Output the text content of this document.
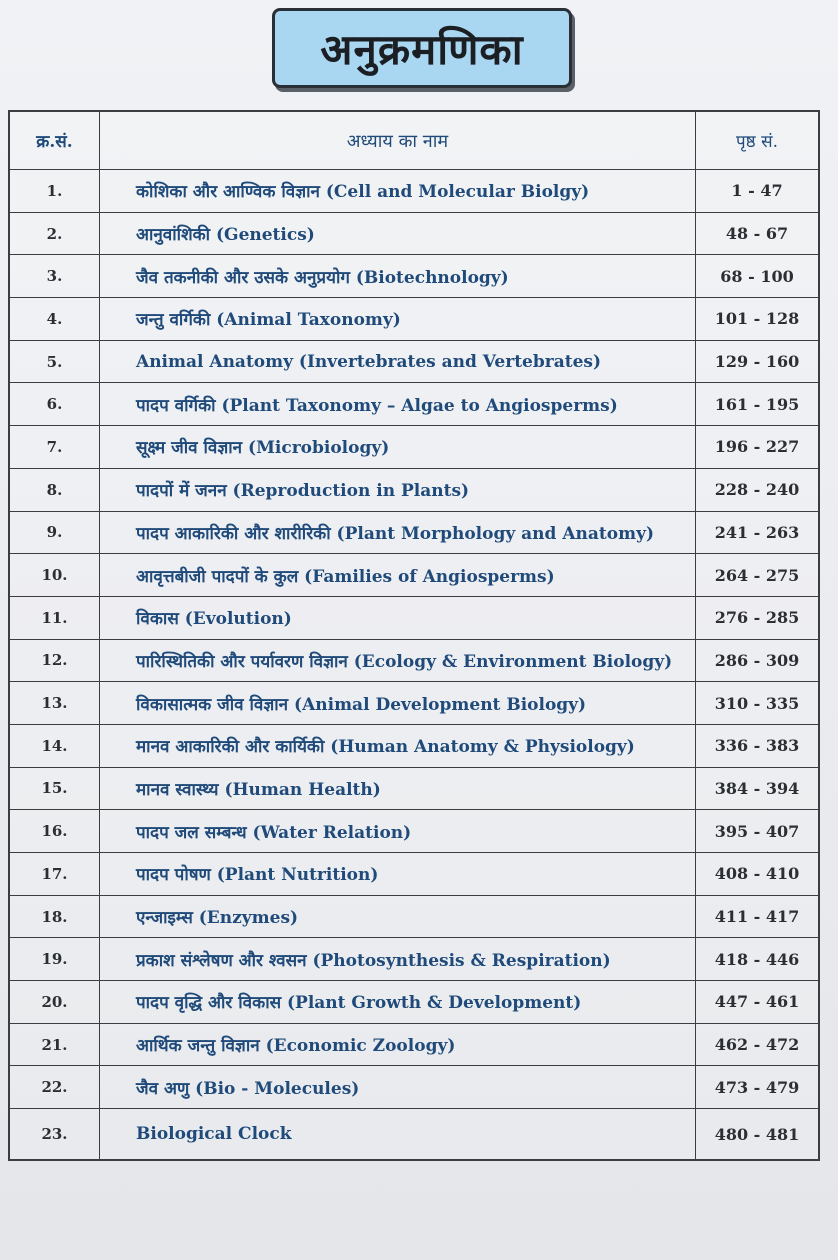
अनुक्रमणिका
क्र.सं.	अध्याय का नाम	पृष्ठ सं.
1.	कोशिका और आण्विक विज्ञान (Cell and Molecular Biolgy)	1 - 47
2.	आनुवांशिकी (Genetics)	48 - 67
3.	जैव तकनीकी और उसके अनुप्रयोग (Biotechnology)	68 - 100
4.	जन्तु वर्गिकी (Animal Taxonomy)	101 - 128
5.	Animal Anatomy (Invertebrates and Vertebrates)	129 - 160
6.	पादप वर्गिकी (Plant Taxonomy – Algae to Angiosperms)	161 - 195
7.	सूक्ष्म जीव विज्ञान (Microbiology)	196 - 227
8.	पादपों में जनन (Reproduction in Plants)	228 - 240
9.	पादप आकारिकी और शारीरिकी (Plant Morphology and Anatomy)	241 - 263
10.	आवृत्तबीजी पादपों के कुल (Families of Angiosperms)	264 - 275
11.	विकास (Evolution)	276 - 285
12.	पारिस्थितिकी और पर्यावरण विज्ञान (Ecology & Environment Biology)	286 - 309
13.	विकासात्मक जीव विज्ञान (Animal Development Biology)	310 - 335
14.	मानव आकारिकी और कार्यिकी (Human Anatomy & Physiology)	336 - 383
15.	मानव स्वास्थ्य (Human Health)	384 - 394
16.	पादप जल सम्बन्ध (Water Relation)	395 - 407
17.	पादप पोषण (Plant Nutrition)	408 - 410
18.	एन्जाइम्स (Enzymes)	411 - 417
19.	प्रकाश संश्लेषण और श्वसन (Photosynthesis & Respiration)	418 - 446
20.	पादप वृद्धि और विकास (Plant Growth & Development)	447 - 461
21.	आर्थिक जन्तु विज्ञान (Economic Zoology)	462 - 472
22.	जैव अणु (Bio - Molecules)	473 - 479
23.	Biological Clock	480 - 481
